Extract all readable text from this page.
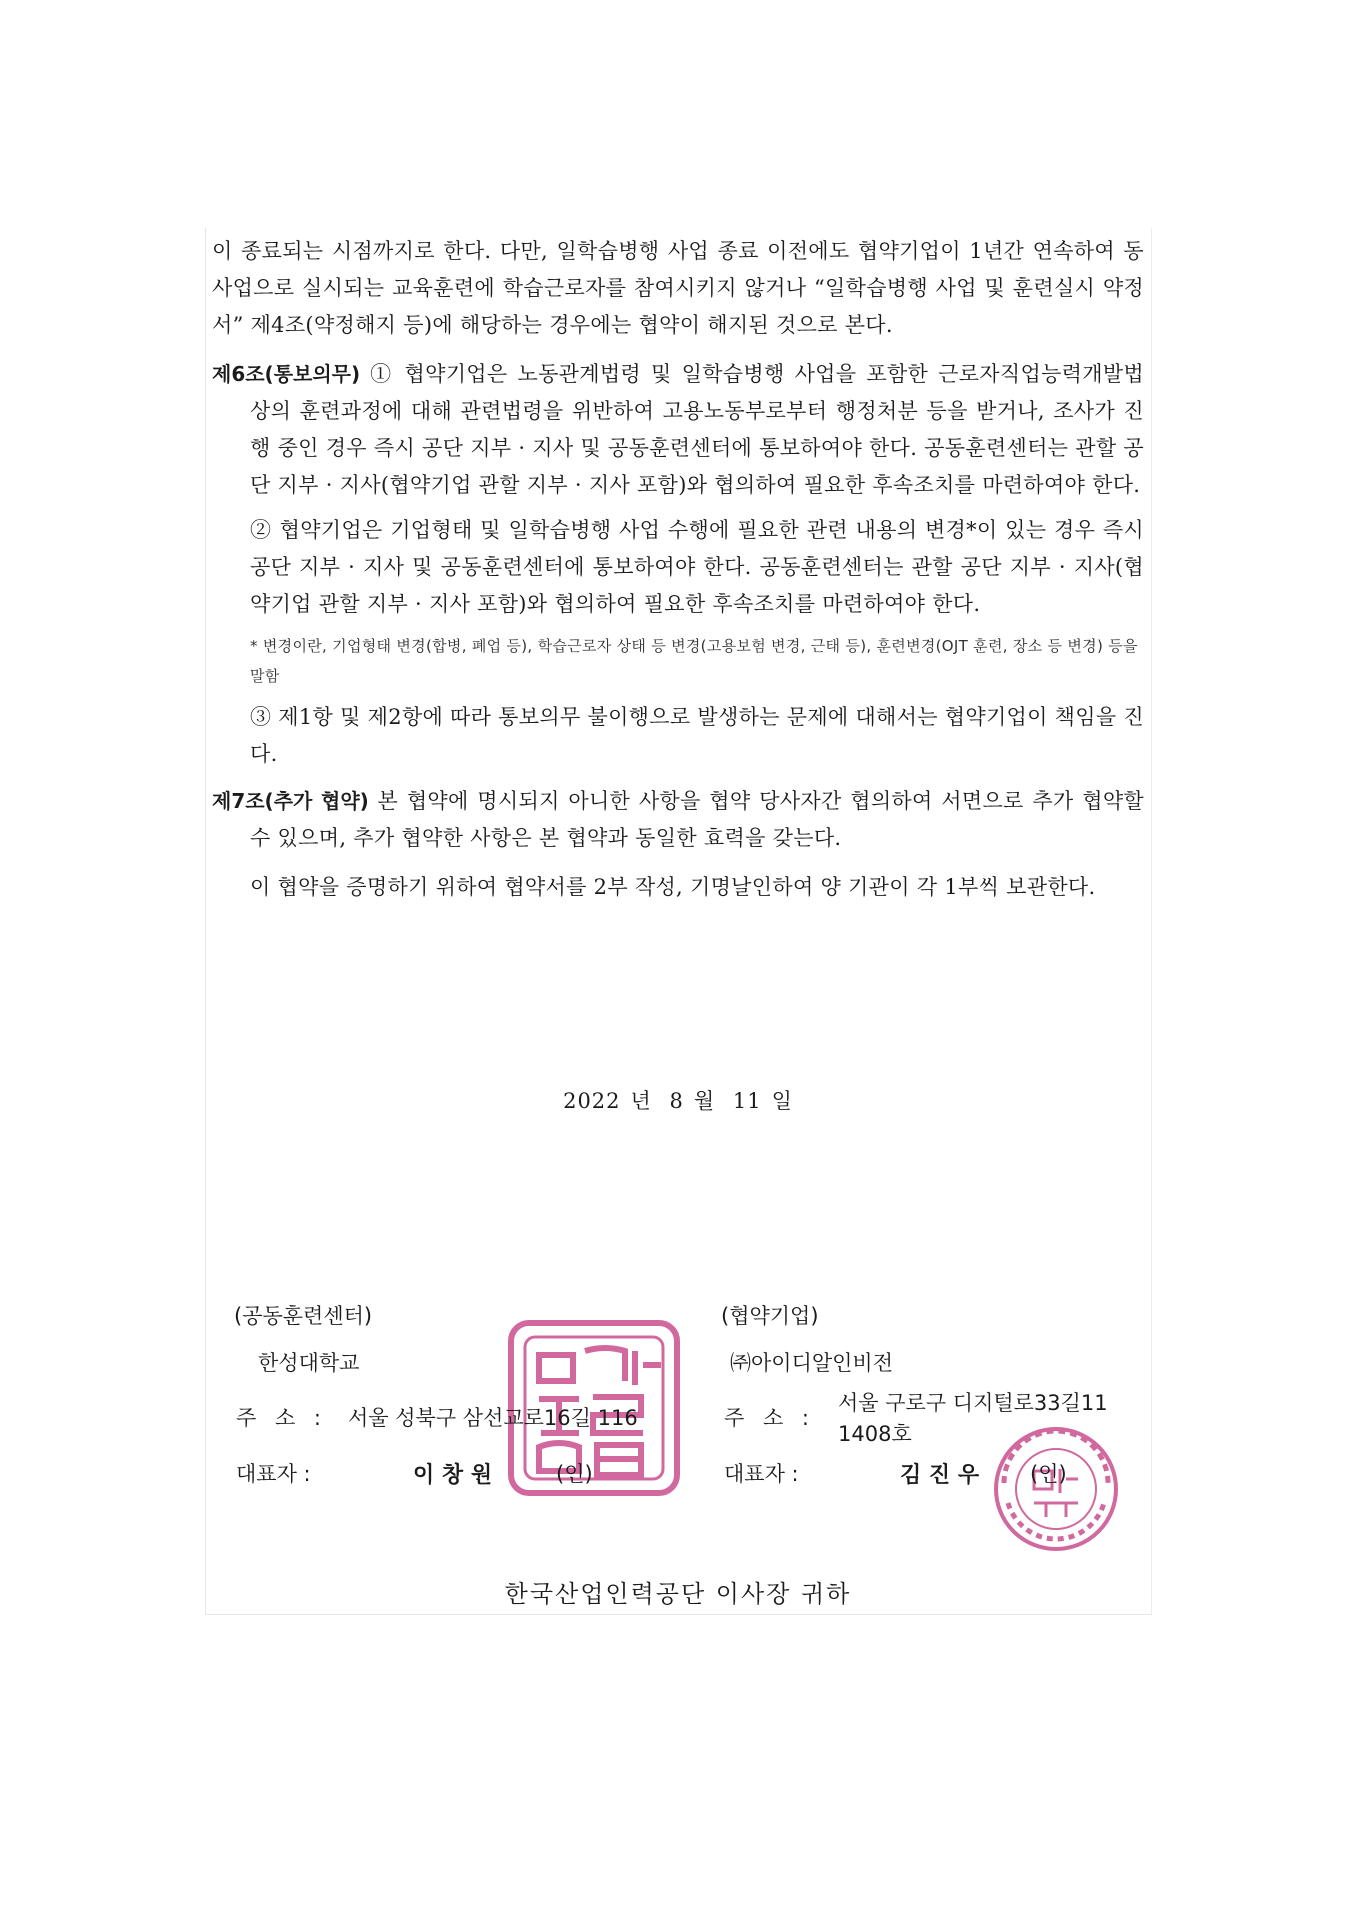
이 종료되는 시점까지로 한다. 다만, 일학습병행 사업 종료 이전에도 협약기업이 1년간 연속하여 동 사업으로 실시되는 교육훈련에 학습근로자를 참여시키지 않거나 “일학습병행 사업 및 훈련실시 약정서” 제4조(약정해지 등)에 해당하는 경우에는 협약이 해지된 것으로 본다.

제6조(통보의무) ① 협약기업은 노동관계법령 및 일학습병행 사업을 포함한 근로자직업능력개발법 상의 훈련과정에 대해 관련법령을 위반하여 고용노동부로부터 행정처분 등을 받거나, 조사가 진행 중인 경우 즉시 공단 지부 · 지사 및 공동훈련센터에 통보하여야 한다. 공동훈련센터는 관할 공단 지부 · 지사(협약기업 관할 지부 · 지사 포함)와 협의하여 필요한 후속조치를 마련하여야 한다.

② 협약기업은 기업형태 및 일학습병행 사업 수행에 필요한 관련 내용의 변경*이 있는 경우 즉시 공단 지부 · 지사 및 공동훈련센터에 통보하여야 한다. 공동훈련센터는 관할 공단 지부 · 지사(협약기업 관할 지부 · 지사 포함)와 협의하여 필요한 후속조치를 마련하여야 한다.

* 변경이란, 기업형태 변경(합병, 폐업 등), 학습근로자 상태 등 변경(고용보험 변경, 근태 등), 훈련변경(OJT 훈련, 장소 등 변경) 등을 말함

③ 제1항 및 제2항에 따라 통보의무 불이행으로 발생하는 문제에 대해서는 협약기업이 책임을 진다.

제7조(추가 협약) 본 협약에 명시되지 아니한 사항을 협약 당사자간 협의하여 서면으로 추가 협약할 수 있으며, 추가 협약한 사항은 본 협약과 동일한 효력을 갖는다.

이 협약을 증명하기 위하여 협약서를 2부 작성, 기명날인하여 양 기관이 각 1부씩 보관한다.

2022 년 8 월 11 일
(공동훈련센터)
한성대학교
주 소 : 서울 성북구 삼선교로16길 116
대표자 :	이 창 원	(인)
(협약기업)
㈜아이디알인비전
주 소 :
서울 구로구 디지털로33길11
1408호
대표자 :	김 진 우 (인)
한국산업인력공단 이사장 귀하
